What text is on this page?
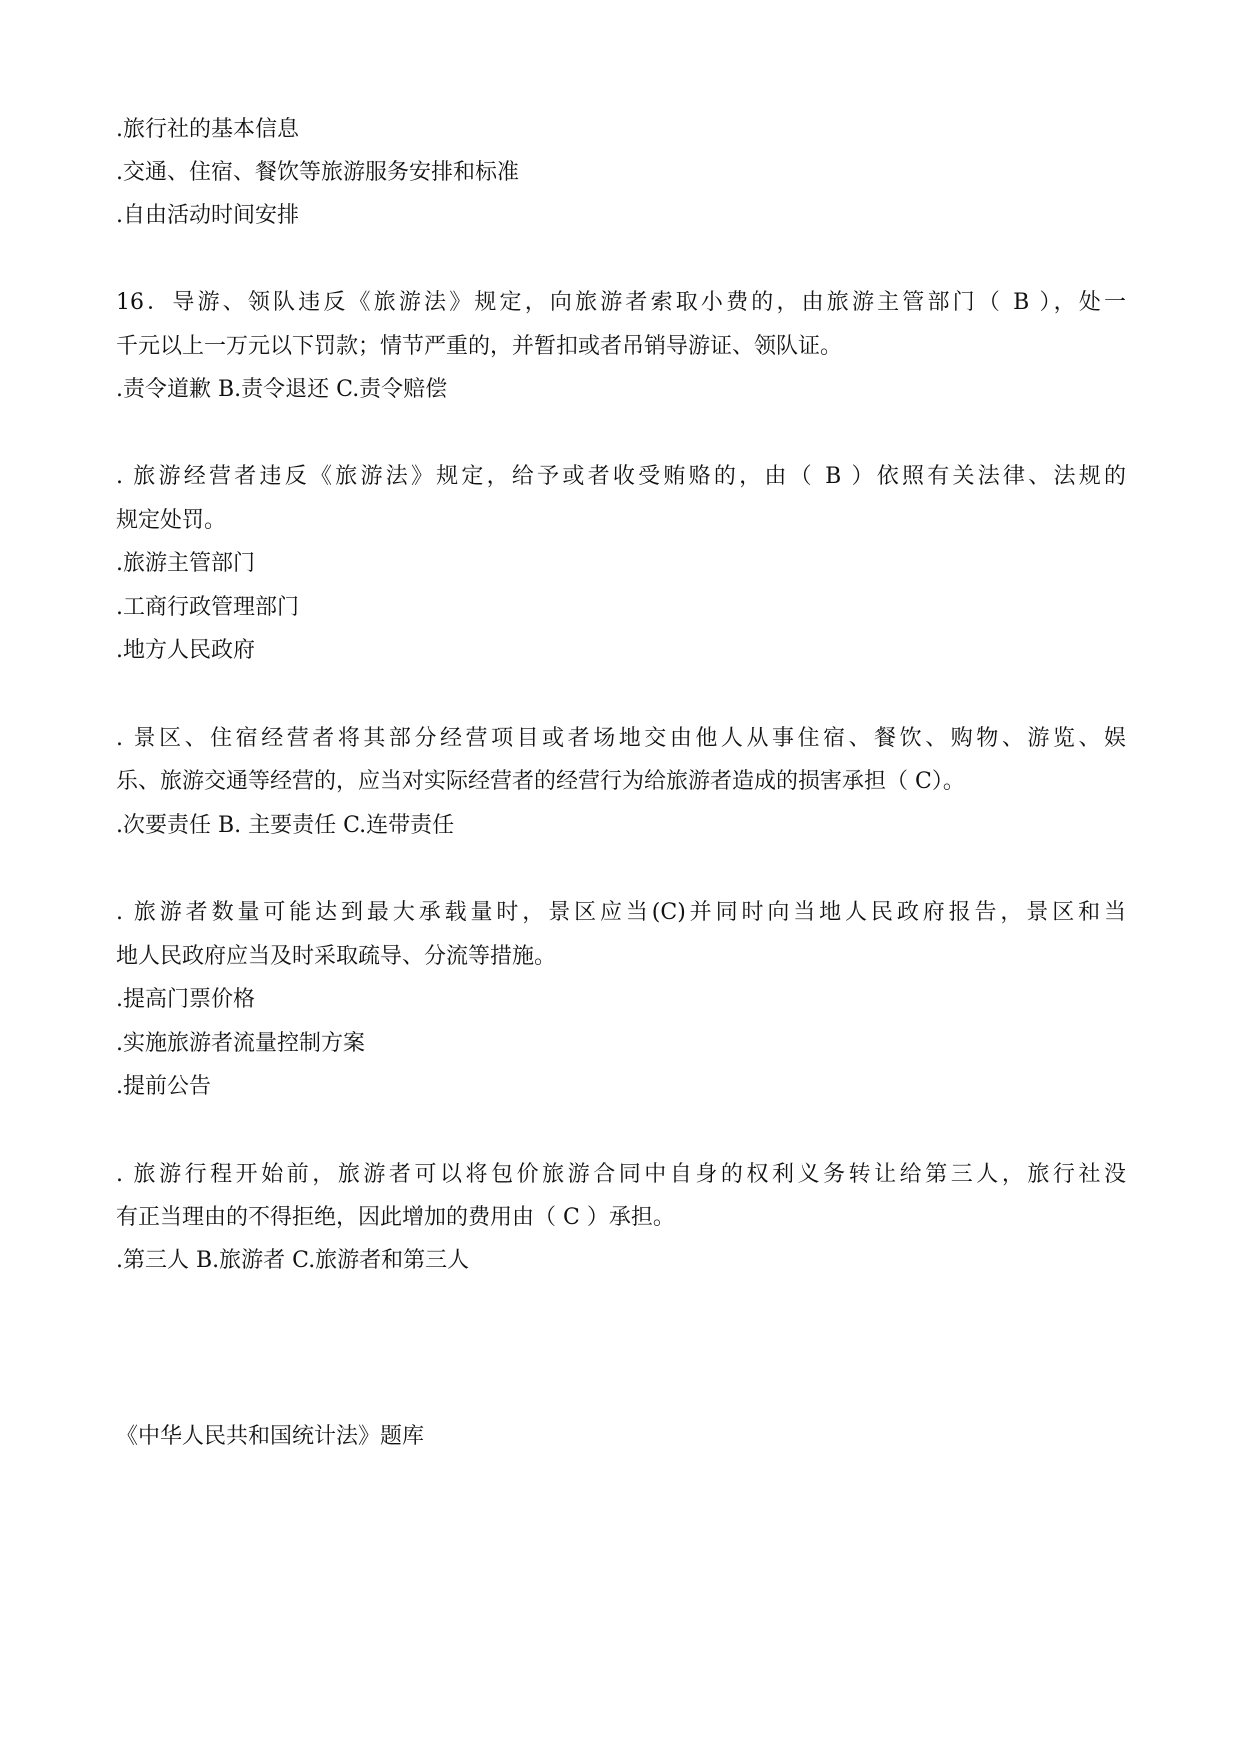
.旅行社的基本信息
.交通、住宿、餐饮等旅游服务安排和标准
.自由活动时间安排
16．导游、领队违反《旅游法》规定，向旅游者索取小费的，由旅游主管部门（ B ），处一
千元以上一万元以下罚款；情节严重的，并暂扣或者吊销导游证、领队证。
.责令道歉 B.责令退还 C.责令赔偿
. 旅游经营者违反《旅游法》规定，给予或者收受贿赂的，由（ B ）依照有关法律、法规的
规定处罚。
.旅游主管部门
.工商行政管理部门
.地方人民政府
. 景区、住宿经营者将其部分经营项目或者场地交由他人从事住宿、餐饮、购物、游览、娱
乐、旅游交通等经营的，应当对实际经营者的经营行为给旅游者造成的损害承担（ C）。
.次要责任 B. 主要责任 C.连带责任
. 旅游者数量可能达到最大承载量时，景区应当(C)并同时向当地人民政府报告，景区和当
地人民政府应当及时采取疏导、分流等措施。
.提高门票价格
.实施旅游者流量控制方案
.提前公告
. 旅游行程开始前，旅游者可以将包价旅游合同中自身的权利义务转让给第三人，旅行社没
有正当理由的不得拒绝，因此增加的费用由（ C ）承担。
.第三人 B.旅游者 C.旅游者和第三人
《中华人民共和国统计法》题库
